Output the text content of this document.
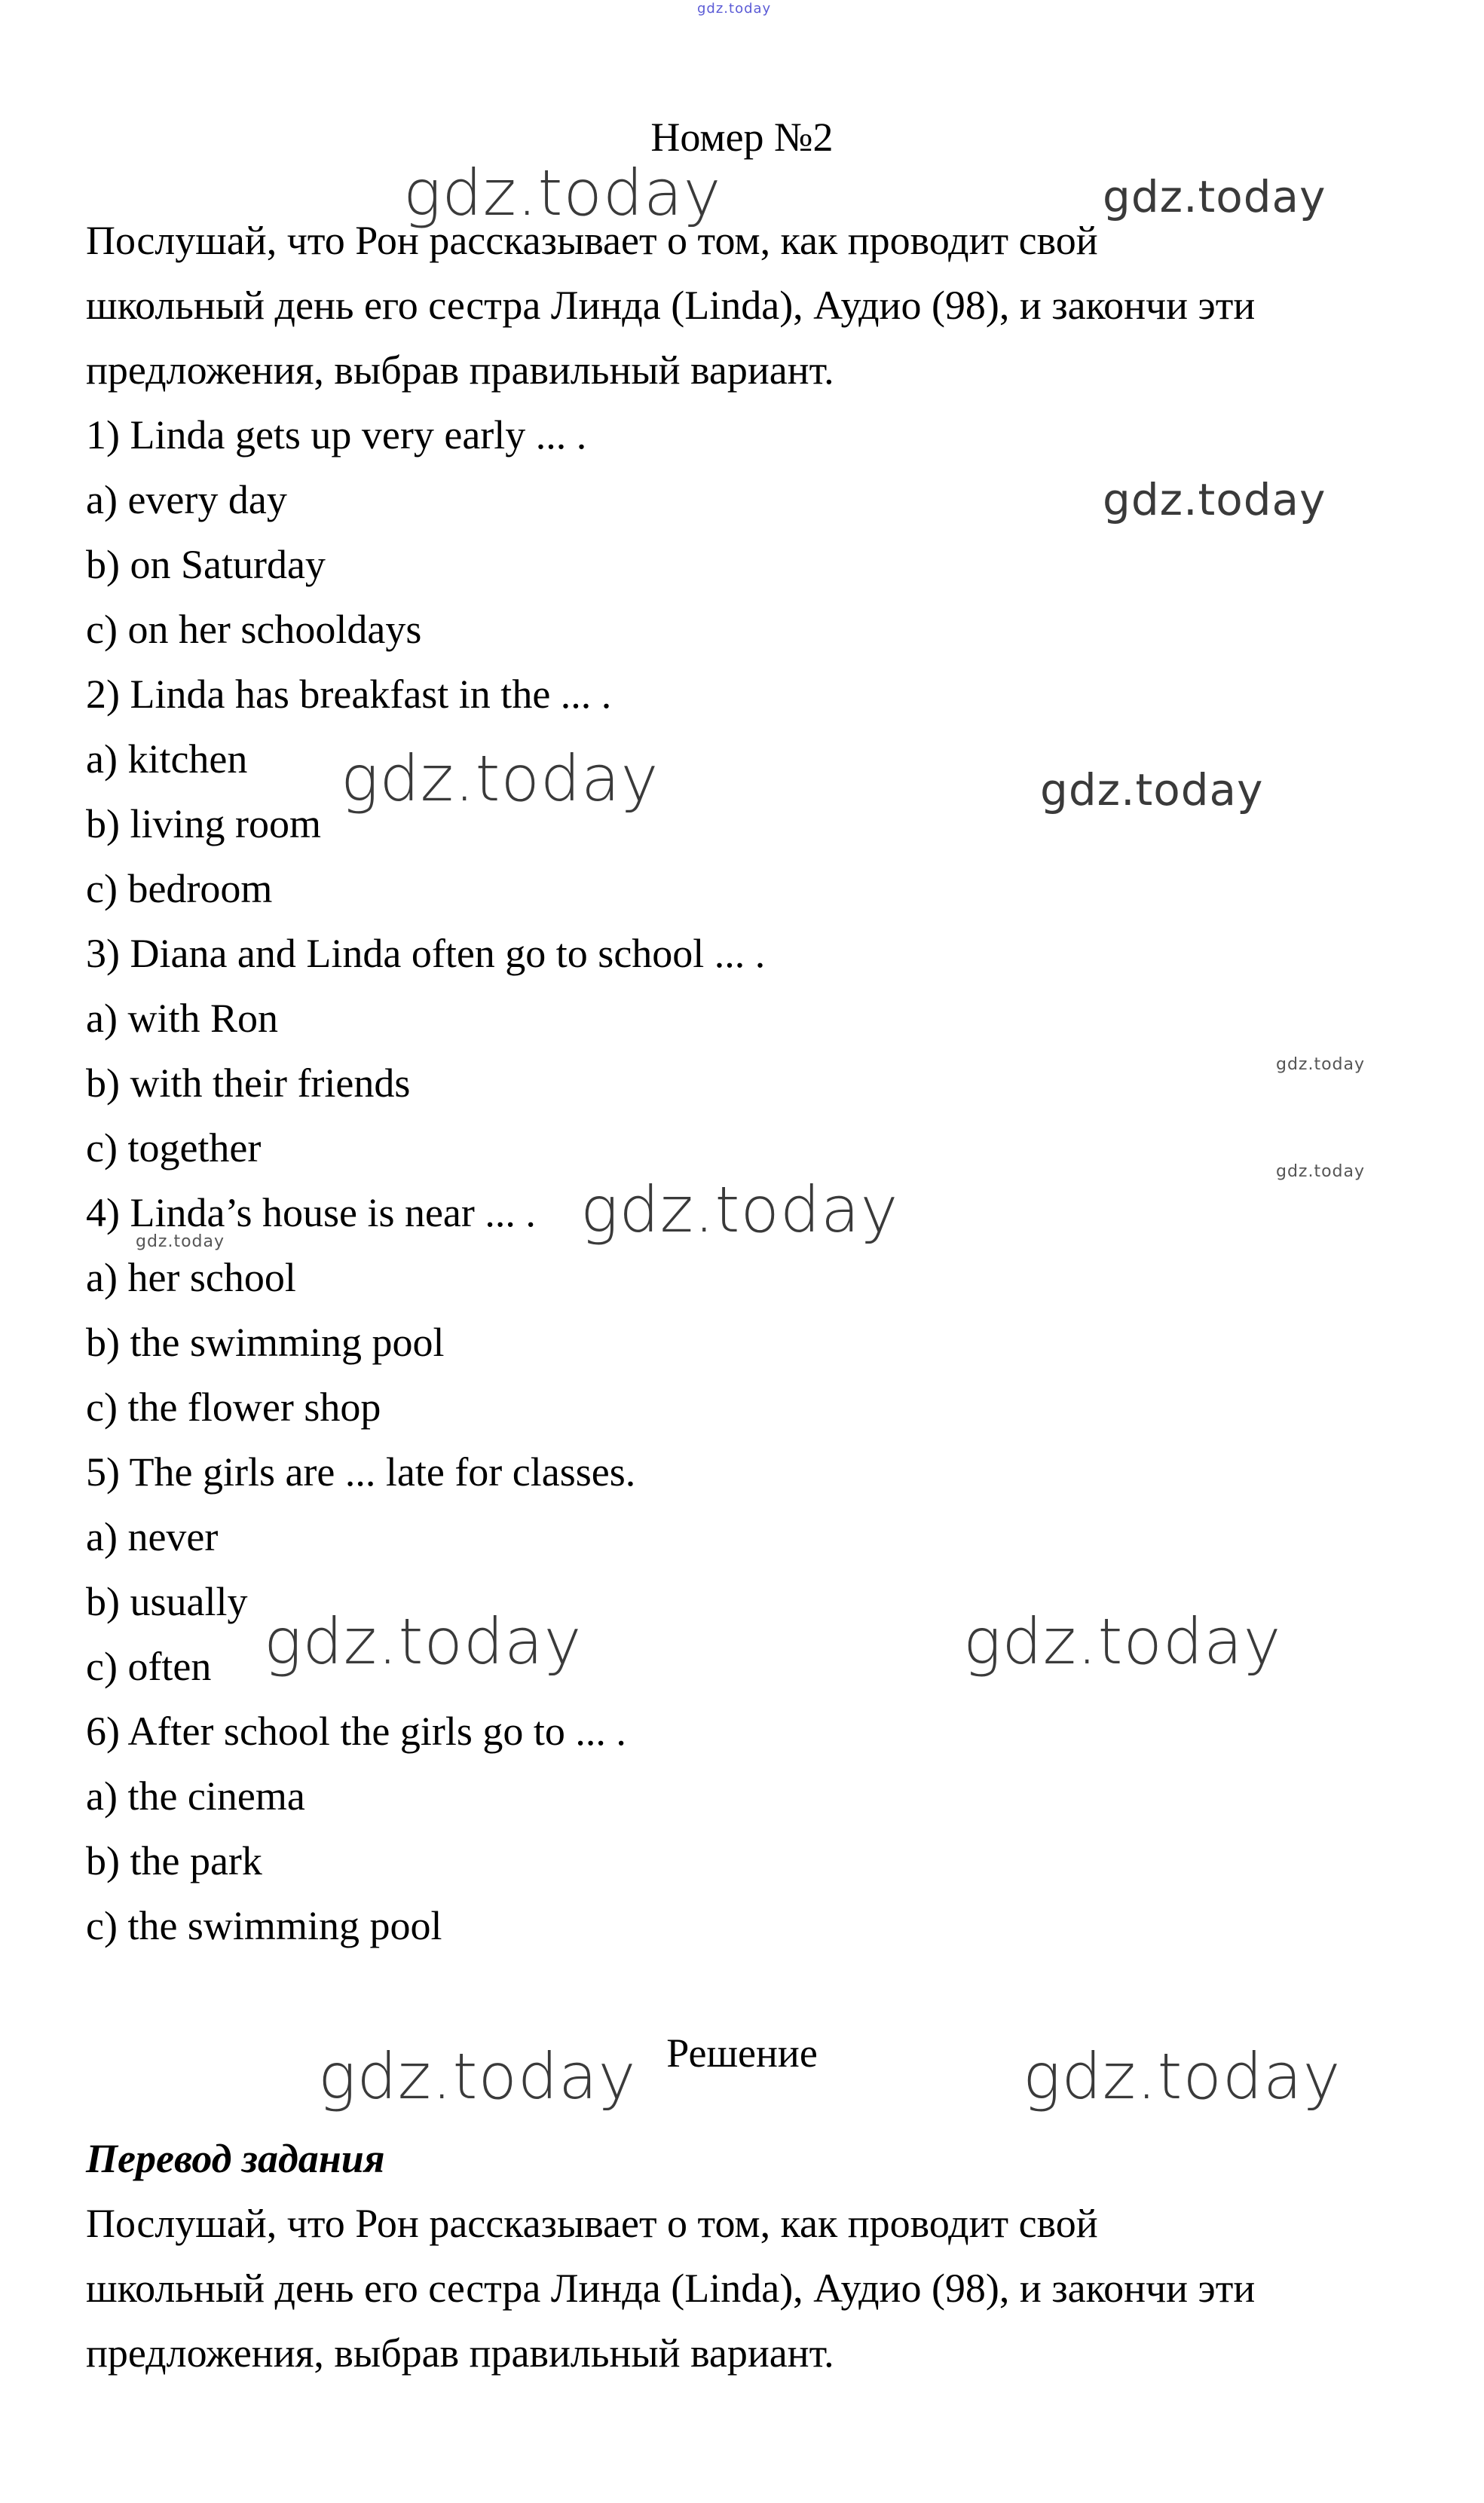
gdz.today

Номер №2

Послушай, что Рон рассказывает о том, как проводит свой

школьный день его сестра Линда (Linda), Аудио (98), и закончи эти

предложения, выбрав правильный вариант.

1) Linda gets up very early ... .

a) every day

b) on Saturday

c) on her schooldays

2) Linda has breakfast in the ... .

a) kitchen

b) living room

c) bedroom

3) Diana and Linda often go to school ... .

a) with Ron

b) with their friends

c) together

4) Linda’s house is near ... .

a) her school

b) the swimming pool

c) the flower shop

5) The girls are ... late for classes.

a) never

b) usually

c) often

6) After school the girls go to ... .

a) the cinema

b) the park

c) the swimming pool

Решение

Перевод задания

Послушай, что Рон рассказывает о том, как проводит свой

школьный день его сестра Линда (Linda), Аудио (98), и закончи эти

предложения, выбрав правильный вариант.

gdz.today	gdz.today
gdz.today
gdz.today	gdz.today
gdz.today
gdz.today
gdz.today
gdz.today
gdz.today	gdz.today
gdz.today	gdz.today
